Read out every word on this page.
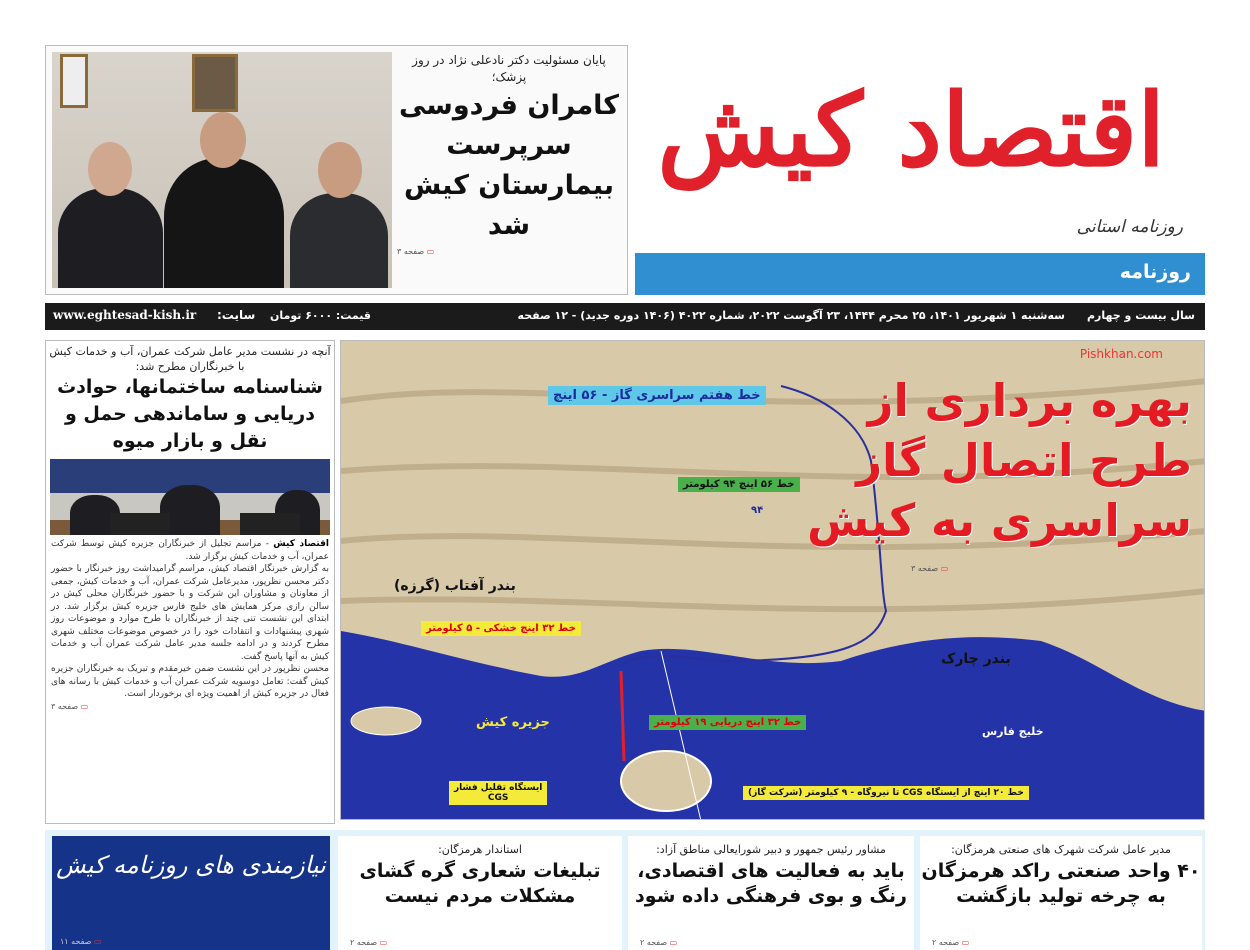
پایان مسئولیت دکتر نادعلی نژاد در روز پزشک؛
کامران فردوسی
سرپرست
بیمارستان کیش
شد
▭ صفحه ۳
اقتصاد کیش
روزنامه استانی
روزنامه
سال بیست و چهارم
سه‌شنبه ۱ شهریور ۱۴۰۱، ۲۵ محرم ۱۴۴۴، ۲۳ آگوست ۲۰۲۲، شماره ۴۰۲۲ (۱۴۰۶ دوره جدید) - ۱۲ صفحه
قیمت: ۶۰۰۰ تومان
سایت:
www.eghtesad-kish.ir
آنچه در نشست مدیر عامل شرکت عمران، آب و خدمات کیش با خبرنگاران مطرح شد:
شناسنامه ساختمانها، حوادث دریایی و ساماندهی حمل و نقل و بازار میوه
اقتصاد کیش - مراسم تجلیل از خبرنگاران جزیره کیش توسط شرکت عمران، آب و خدمات کیش برگزار شد.
به گزارش خبرنگار اقتصاد کیش، مراسم گرامیداشت روز خبرنگار با حضور دکتر محسن نظرپور، مدیرعامل شرکت عمران، آب و خدمات کیش، جمعی از معاونان و مشاوران این شرکت و با حضور خبرنگاران محلی کیش در سالن رازی مرکز همایش های خلیج فارس جزیره کیش برگزار شد. در ابتدای این نشست تنی چند از خبرنگاران با طرح موارد و موضوعات روز شهری پیشنهادات و انتقادات خود را در خصوص موضوعات مختلف شهری مطرح کردند و در ادامه جلسه مدیر عامل شرکت عمران آب و خدمات کیش به آنها پاسخ گفت.
محسن نظرپور در این نشست ضمن خیرمقدم و تبریک به خبرنگاران جزیره کیش گفت: تعامل دوسویه شرکت عمران آب و خدمات کیش با رسانه های فعال در جزیره کیش از اهمیت ویژه ای برخوردار است.
▭ صفحه ۳
بهره برداری از
طرح اتصال گاز
سراسری به کیش
Pishkhan.com
▭ صفحه ۳
خط هفتم سراسری گاز - ۵۶ اینچ
خط ۵۶ اینچ ۹۴ کیلومتر
۹۴
بندر آفتاب (گرزه)
خط ۳۲ اینچ خشکی - ۵ کیلومتر
بندر چارک
جزیره کیش	خط ۳۲ اینچ دریایی ۱۹ کیلومتر
خلیج فارس
ایستگاه تقلیل فشار
CGS	خط ۲۰ اینچ از ایستگاه CGS تا نیروگاه - ۹ کیلومتر (شرکت گاز)
نیازمندی های روزنامه کیش
▭ صفحه ۱۱
استاندار هرمزگان:
تبلیغات شعاری گره گشای مشکلات مردم نیست
▭ صفحه ۲
مشاور رئیس جمهور و دبیر شورایعالی مناطق آزاد:
باید به فعالیت های اقتصادی، رنگ و بوی فرهنگی داده شود
▭ صفحه ۲
مدیر عامل شرکت شهرک های صنعتی هرمزگان:
۴۰ واحد صنعتی راکد هرمزگان به چرخه تولید بازگشت
▭ صفحه ۲
